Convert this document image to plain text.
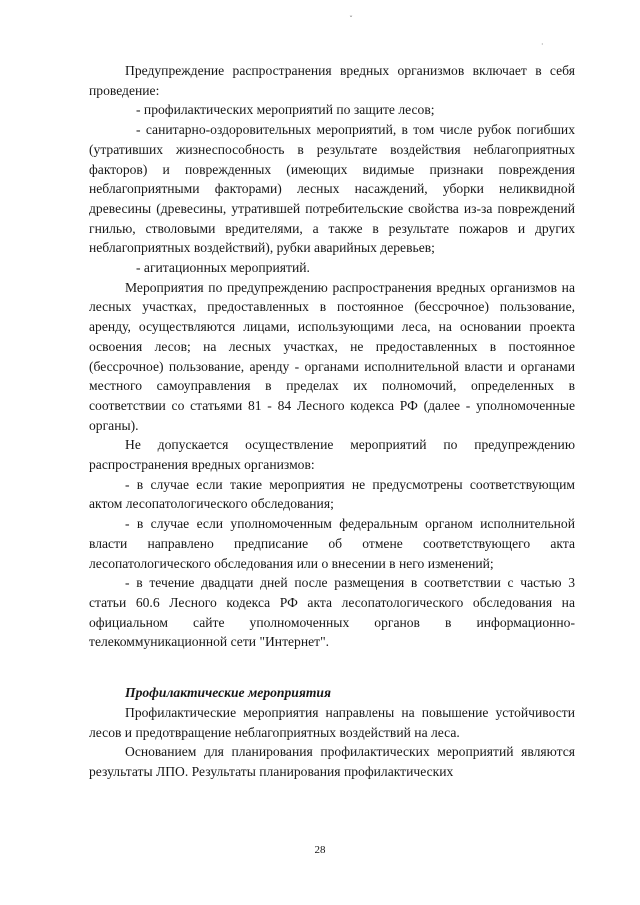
ˇ
·

Предупреждение распространения вредных организмов включает в себя проведение:

- профилактических мероприятий по защите лесов;

- санитарно-оздоровительных мероприятий, в том числе рубок погибших (утративших жизнеспособность в результате воздействия неблагоприятных факторов) и поврежденных (имеющих видимые признаки повреждения неблагоприятными факторами) лесных насаждений, уборки неликвидной древесины (древесины, утратившей потребительские свойства из-за повреждений гнилью, стволовыми вредителями, а также в результате пожаров и других неблагоприятных воздействий), рубки аварийных деревьев;

- агитационных мероприятий.

Мероприятия по предупреждению распространения вредных организмов на лесных участках, предоставленных в постоянное (бессрочное) пользование, аренду, осуществляются лицами, использующими леса, на основании проекта освоения лесов; на лесных участках, не предоставленных в постоянное (бессрочное) пользование, аренду - органами исполнительной власти и органами местного самоуправления в пределах их полномочий, определенных в соответствии со статьями 81 - 84 Лесного кодекса РФ (далее - уполномоченные органы).

Не допускается осуществление мероприятий по предупреждению распространения вредных организмов:

- в случае если такие мероприятия не предусмотрены соответствующим актом лесопатологического обследования;

- в случае если уполномоченным федеральным органом исполнительной власти направлено предписание об отмене соответствующего акта лесопатологического обследования или о внесении в него изменений;

- в течение двадцати дней после размещения в соответствии с частью 3 статьи 60.6 Лесного кодекса РФ акта лесопатологического обследования на официальном сайте уполномоченных органов в информационно-телекоммуникационной сети "Интернет".

Профилактические мероприятия

Профилактические мероприятия направлены на повышение устойчивости лесов и предотвращение неблагоприятных воздействий на леса.

Основанием для планирования профилактических мероприятий являются результаты ЛПО. Результаты планирования профилактических

28
